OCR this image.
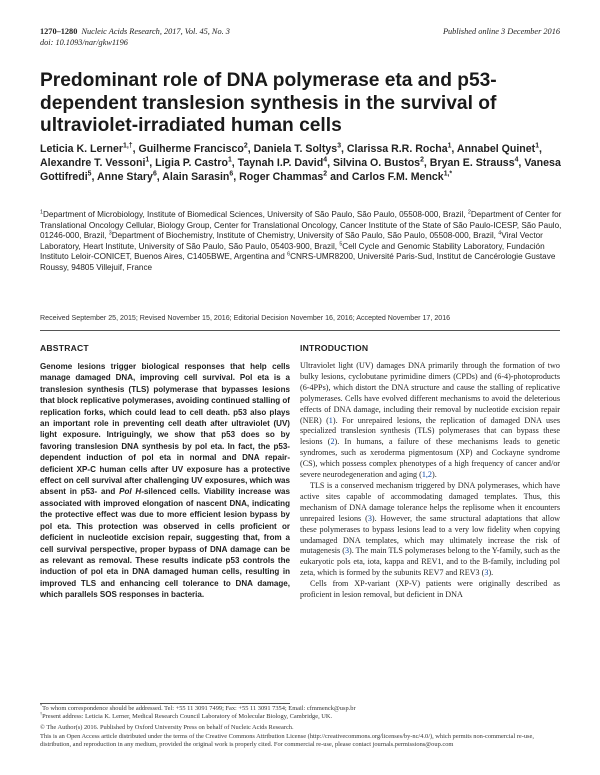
1270–1280 Nucleic Acids Research, 2017, Vol. 45, No. 3
doi: 10.1093/nar/gkw1196
Published online 3 December 2016
Predominant role of DNA polymerase eta and p53-dependent translesion synthesis in the survival of ultraviolet-irradiated human cells

Leticia K. Lerner$^{1,\dagger}$, Guilherme Francisco$^2$, Daniela T. Soltys$^3$, Clarissa R.R. Rocha$^1$, Annabel Quinet$^1$, Alexandre T. Vessoni$^1$, Ligia P. Castro$^1$, Taynah I.P. David$^4$, Silvina O. Bustos$^2$, Bryan E. Strauss$^4$, Vanesa Gottifredi$^5$, Anne Stary$^6$, Alain Sarasin$^6$, Roger Chammas$^2$ and Carlos F.M. Menck$^{1,*}$

$^1$Department of Microbiology, Institute of Biomedical Sciences, University of São Paulo, São Paulo, 05508-000, Brazil, $^2$Department of Center for Translational Oncology Cellular, Biology Group, Center for Translational Oncology, Cancer Institute of the State of São Paulo-ICESP, São Paulo, 01246-000, Brazil, $^3$Department of Biochemistry, Institute of Chemistry, University of São Paulo, São Paulo, 05508-000, Brazil, $^4$Viral Vector Laboratory, Heart Institute, University of São Paulo, São Paulo, 05403-900, Brazil, $^5$Cell Cycle and Genomic Stability Laboratory, Fundación Instituto Leloir-CONICET, Buenos Aires, C1405BWE, Argentina and $^6$CNRS-UMR8200, Université Paris-Sud, Institut de Cancérologie Gustave Roussy, 94805 Villejuif, France

Received September 25, 2015; Revised November 15, 2016; Editorial Decision November 16, 2016; Accepted November 17, 2016

ABSTRACT

Genome lesions trigger biological responses that help cells manage damaged DNA, improving cell survival. Pol eta is a translesion synthesis (TLS) polymerase that bypasses lesions that block replicative polymerases, avoiding continued stalling of replication forks, which could lead to cell death. p53 also plays an important role in preventing cell death after ultraviolet (UV) light exposure. Intriguingly, we show that p53 does so by favoring translesion DNA synthesis by pol eta. In fact, the p53-dependent induction of pol eta in normal and DNA repair-deficient XP-C human cells after UV exposure has a protective effect on cell survival after challenging UV exposures, which was absent in p53- and Pol H-silenced cells. Viability increase was associated with improved elongation of nascent DNA, indicating the protective effect was due to more efficient lesion bypass by pol eta. This protection was observed in cells proficient or deficient in nucleotide excision repair, suggesting that, from a cell survival perspective, proper bypass of DNA damage can be as relevant as removal. These results indicate p53 controls the induction of pol eta in DNA damaged human cells, resulting in improved TLS and enhancing cell tolerance to DNA damage, which parallels SOS responses in bacteria.

INTRODUCTION

Ultraviolet light (UV) damages DNA primarily through the formation of two bulky lesions, cyclobutane pyrimidine dimers (CPDs) and (6-4)-photoproducts (6-4PPs), which distort the DNA structure and cause the stalling of replicative polymerases. Cells have evolved different mechanisms to avoid the deleterious effects of DNA damage, including their removal by nucleotide excision repair (NER) (1). For unrepaired lesions, the replication of damaged DNA uses specialized translesion synthesis (TLS) polymerases that can bypass these lesions (2). In humans, a failure of these mechanisms leads to genetic syndromes, such as xeroderma pigmentosum (XP) and Cockayne syndrome (CS), which possess complex phenotypes of a high frequency of cancer and/or severe neurodegeneration and aging (1,2).

TLS is a conserved mechanism triggered by DNA polymerases, which have active sites capable of accommodating damaged templates. Thus, this mechanism of DNA damage tolerance helps the replisome when it encounters unrepaired lesions (3). However, the same structural adaptations that allow these polymerases to bypass lesions lead to a very low fidelity when copying undamaged DNA templates, which may ultimately increase the risk of mutagenesis (3). The main TLS polymerases belong to the Y-family, such as the eukaryotic pols eta, iota, kappa and REV1, and to the B-family, including pol zeta, which is formed by the subunits REV7 and REV3 (3).

Cells from XP-variant (XP-V) patients were originally described as proficient in lesion removal, but deficient in DNA

*To whom correspondence should be addressed. Tel: +55 11 3091 7499; Fax: +55 11 3091 7354; Email: cfmmenck@usp.br

†Present address: Leticia K. Lerner, Medical Research Council Laboratory of Molecular Biology, Cambridge, UK.

© The Author(s) 2016. Published by Oxford University Press on behalf of Nucleic Acids Research.

This is an Open Access article distributed under the terms of the Creative Commons Attribution License (http://creativecommons.org/licenses/by-nc/4.0/), which permits non-commercial re-use, distribution, and reproduction in any medium, provided the original work is properly cited. For commercial re-use, please contact journals.permissions@oup.com
